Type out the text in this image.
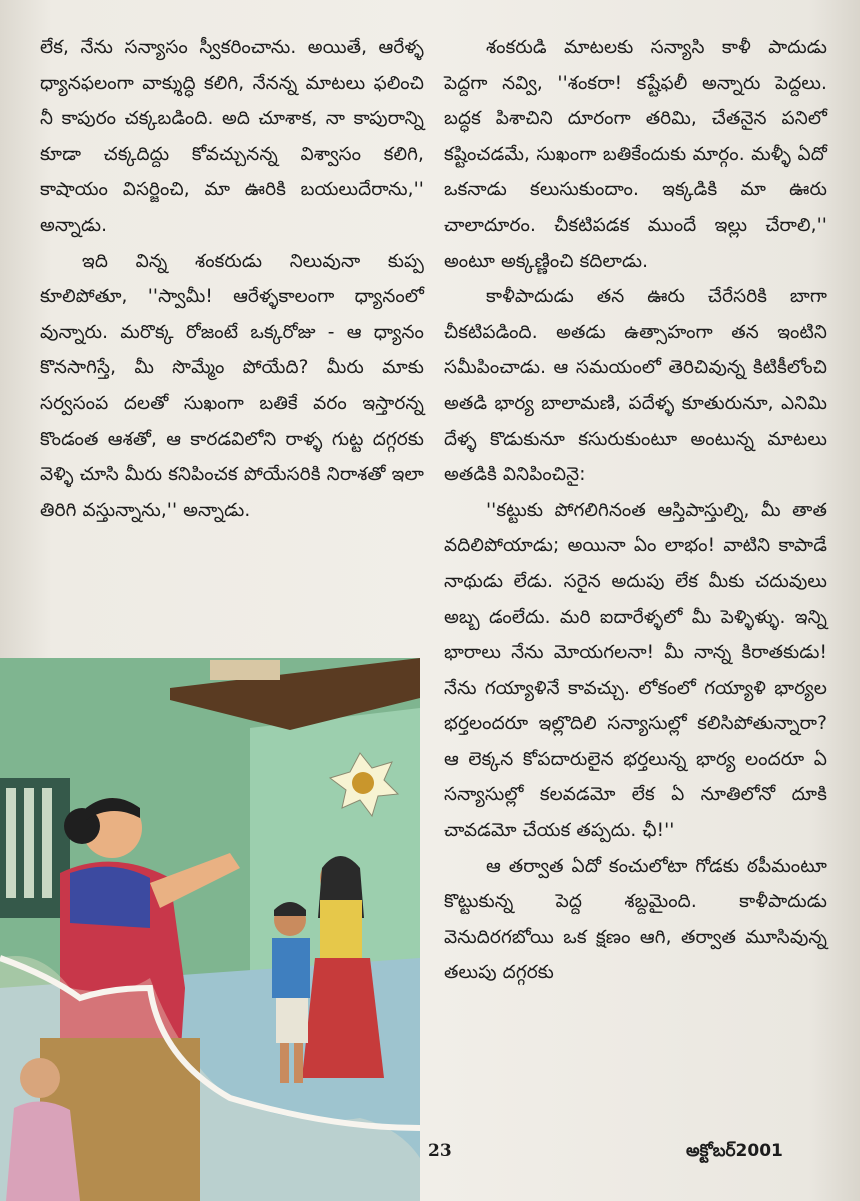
లేక, నేను సన్యాసం స్వీకరించాను. అయితే, ఆరేళ్ళ ధ్యానఫలంగా వాక్శుద్ధి కలిగి, నేనన్న మాటలు ఫలించి నీ కాపురం చక్కబడింది. అది చూశాక, నా కాపురాన్ని కూడా చక్కదిద్దు కోవచ్చునన్న విశ్వాసం కలిగి, కాషాయం విసర్జించి, మా ఊరికి బయలుదేరాను,'' అన్నాడు.

ఇది విన్న శంకరుడు నిలువునా కుప్ప కూలిపోతూ, ''స్వామీ! ఆరేళ్ళకాలంగా ధ్యానంలో వున్నారు. మరొక్క రోజంటే ఒక్కరోజు - ఆ ధ్యానం కొనసాగిస్తే, మీ సొమ్మేం పోయేది? మీరు మాకు సర్వసంప దలతో సుఖంగా బతికే వరం ఇస్తారన్న కొండంత ఆశతో, ఆ కారడవిలోని రాళ్ళ గుట్ట దగ్గరకు వెళ్ళి చూసి మీరు కనిపించక పోయేసరికి నిరాశతో ఇలా తిరిగి వస్తున్నాను,'' అన్నాడు.

శంకరుడి మాటలకు సన్యాసి కాళీ పాదుడు పెద్దగా నవ్వి, ''శంకరా! కష్టేఫలీ అన్నారు పెద్దలు. బద్ధక పిశాచిని దూరంగా తరిమి, చేతనైన పనిలో కష్టించడమే, సుఖంగా బతికేందుకు మార్గం. మళ్ళీ ఏదో ఒకనాడు కలుసుకుందాం. ఇక్కడికి మా ఊరు చాలాదూరం. చీకటిపడక ముందే ఇల్లు చేరాలి,'' అంటూ అక్కణ్ణించి కదిలాడు.

కాళీపాదుడు తన ఊరు చేరేసరికి బాగా చీకటిపడింది. అతడు ఉత్సాహంగా తన ఇంటిని సమీపించాడు. ఆ సమయంలో తెరిచివున్న కిటికీలోంచి అతడి భార్య బాలామణి, పదేళ్ళ కూతురునూ, ఎనిమి దేళ్ళ కొడుకునూ కసురుకుంటూ అంటున్న మాటలు అతడికి వినిపించినై:

''కట్టుకు పోగలిగినంత ఆస్తిపాస్తుల్ని, మీ తాత వదిలిపోయాడు; అయినా ఏం లాభం! వాటిని కాపాడే నాథుడు లేడు. సరైన అదుపు లేక మీకు చదువులు అబ్బ డంలేదు. మరి ఐదారేళ్ళలో మీ పెళ్ళిళ్ళు. ఇన్ని భారాలు నేను మోయగలనా! మీ నాన్న కిరాతకుడు! నేను గయ్యాళినే కావచ్చు. లోకంలో గయ్యాళి భార్యల భర్తలందరూ ఇల్లొదిలి సన్యాసుల్లో కలిసిపోతున్నారా? ఆ లెక్కన కోపదారులైన భర్తలున్న భార్య లందరూ ఏ సన్యాసుల్లో కలవడమో లేక ఏ నూతిలోనో దూకి చావడమో చేయక తప్పదు. ఛీ!''

ఆ తర్వాత ఏదో కంచులోటా గోడకు ఠపీమంటూ కొట్టుకున్న పెద్ద శబ్దమైంది. కాళీపాదుడు వెనుదిరగబోయి ఒక క్షణం ఆగి, తర్వాత మూసివున్న తలుపు దగ్గరకు

23	అక్టోబర్2001
